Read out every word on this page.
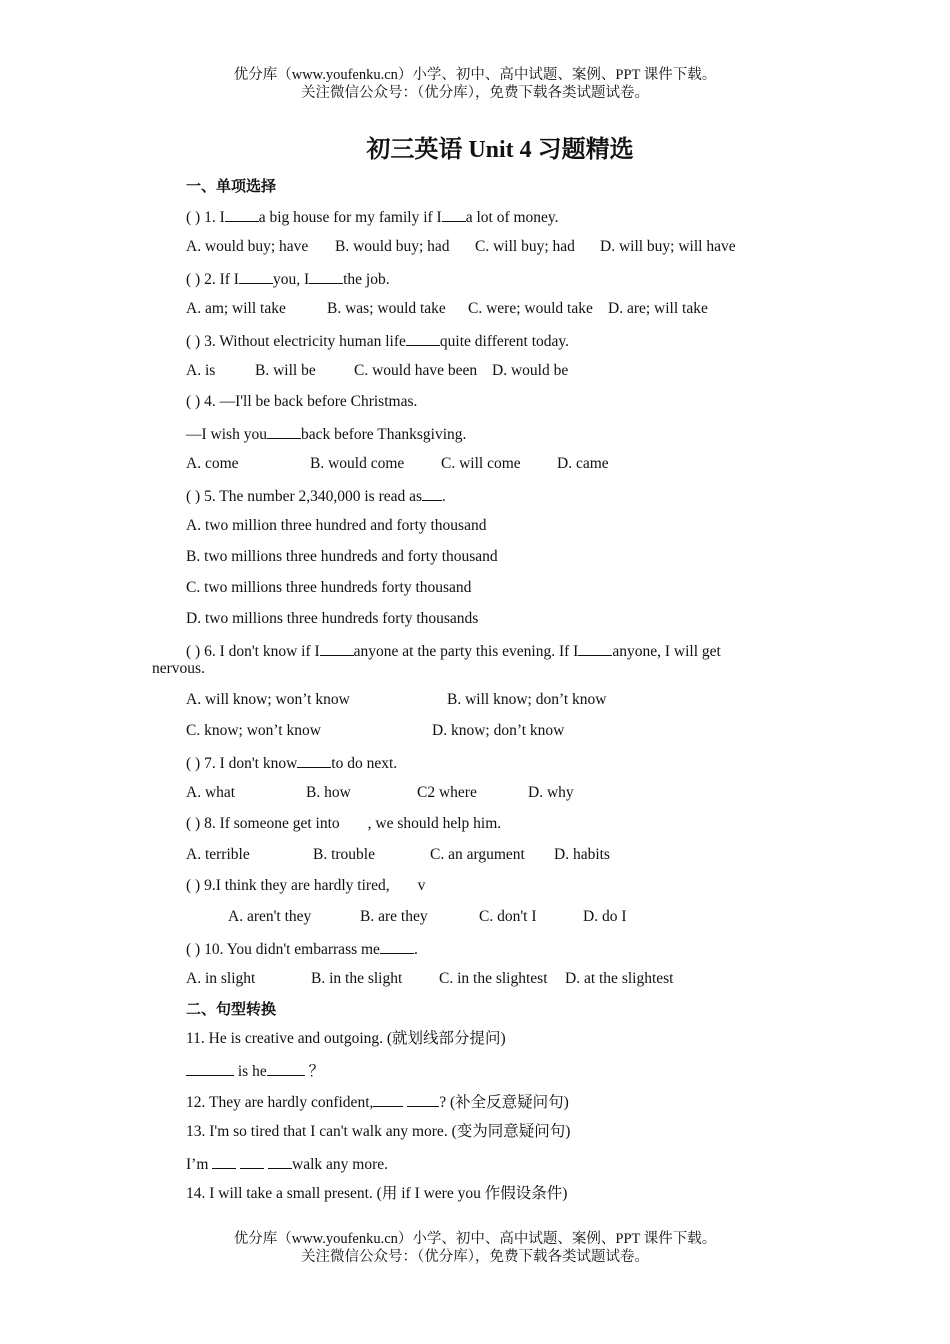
优分库（www.youfenku.cn）小学、初中、高中试题、案例、PPT 课件下载。
关注微信公众号：（优分库），免费下载各类试题试卷。
初三英语 Unit 4 习题精选
一、单项选择
( ) 1. I a big house for my family if I a lot of money.
A. would buy; have B. would buy; had C. will buy; had D. will buy; will have
( ) 2. If I you, I the job.
A. am; will take	B. was; would take C. were; would take D. are; will take
( ) 3. Without electricity human life quite different today.
A. is	B. will be C. would have been D. would be
( ) 4. —I'll be back before Christmas.
—I wish you back before Thanksgiving.
A. come	B. would come C. will come D. came
( ) 5. The number 2,340,000 is read as .
A. two million three hundred and forty thousand
B. two millions three hundreds and forty thousand
C. two millions three hundreds forty thousand
D. two millions three hundreds forty thousands
( ) 6. I don't know if I anyone at the party this evening. If I anyone, I will get
nervous.
A. will know; won’t know	B. will know; don’t know
C. know; won’t know	D. know; don’t know
( ) 7. I don't know to do next.
A. what	B. how	C2 where	D. why
( ) 8. If someone get into , we should help him.
A. terrible	B. trouble	C. an argument D. habits
( ) 9.I think they are hardly tired, v
A. aren't they	B. are they	C. don't I	D. do I
( ) 10. You didn't embarrass me .
A. in slight	B. in the slight C. in the slightest D. at the slightest
二、句型转换
11. He is creative and outgoing. (就划线部分提问)
is he	？
12. They are hardly confident,	? (补全反意疑问句)
13. I'm so tired that I can't walk any more. (变为同意疑问句)
I’m	walk any more.
14. I will take a small present. (用 if I were you 作假设条件)
优分库（www.youfenku.cn）小学、初中、高中试题、案例、PPT 课件下载。
关注微信公众号：（优分库），免费下载各类试题试卷。
